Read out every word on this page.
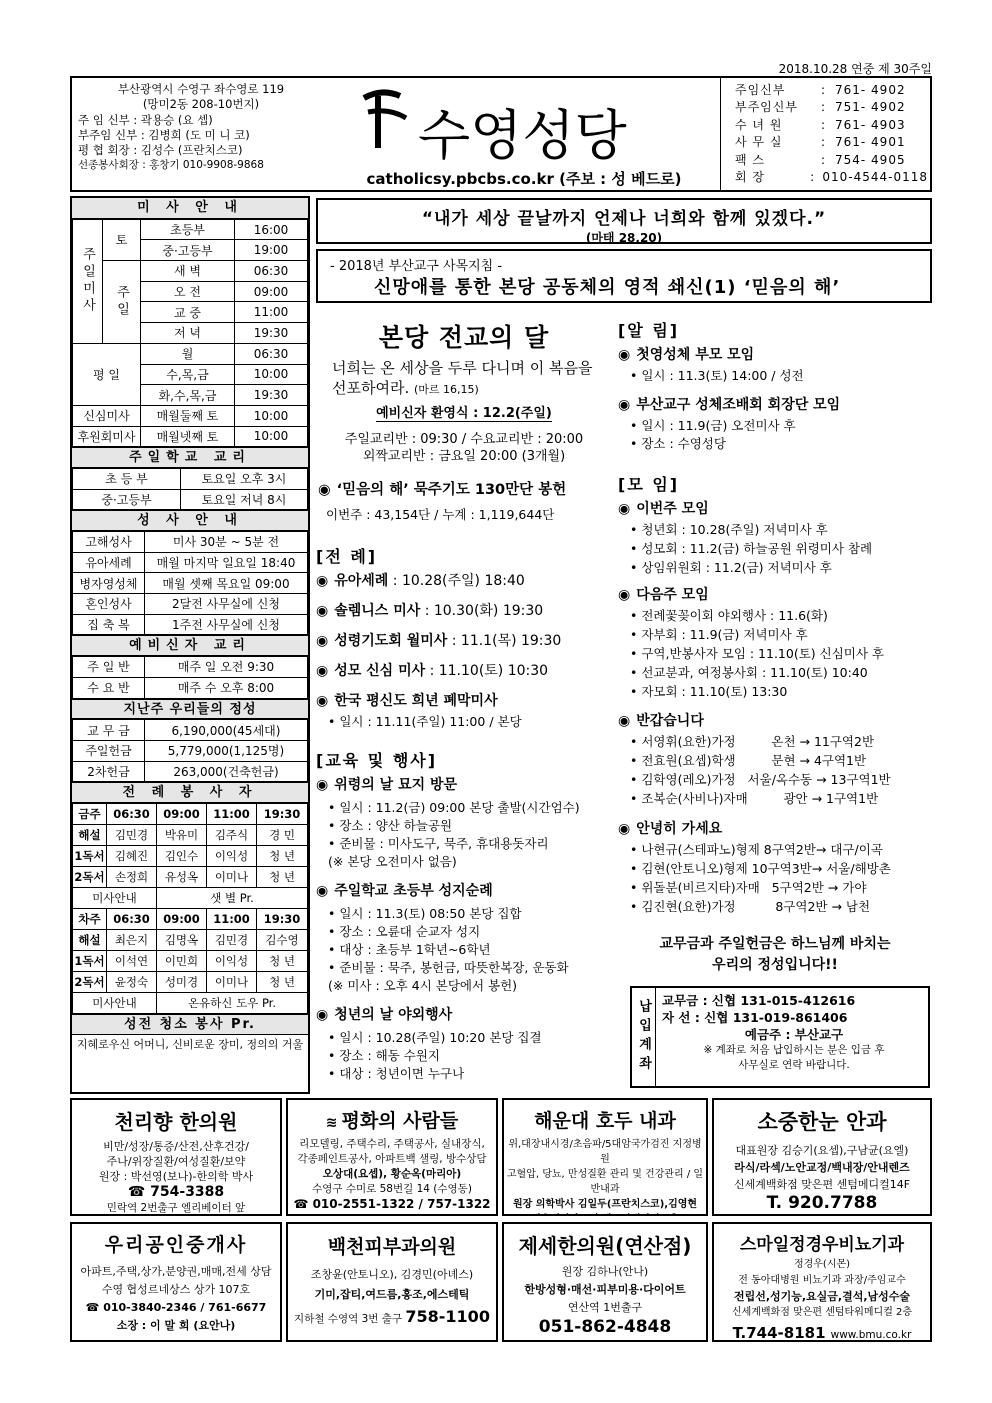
2018.10.28 연중 제 30주일
부산광역시 수영구 좌수영로 119
(망미2동 208-10번지)
주 임 신부 : 곽용승 (요 셉)
부주임 신부 : 김병희 (도 미 니 코)
평 협 회장 : 김성수 (프란치스코)
선종봉사회장 : 홍창기 010-9908-9868	수영성당
catholicsy.pbcbs.co.kr (주보 : 성 베드로)
주임신부	: 761- 4902
부주임신부	: 751- 4902
수 녀 원	: 761- 4903
사 무 실	: 761- 4901
팩 스	: 754- 4905
회 장	: 010-4544-0118
미 사 안 내
주일미사	토	초등부	16:00
		중·고등부	19:00
	주일	새 벽	06:30
		오 전	09:00
		교 중	11:00
		저 녁	19:30
평 일		월	06:30
		수,목,금	10:00
		화,수,목,금	19:30
신심미사		매월둘째 토	10:00
후원회미사		매월넷째 토	10:00
주일학교 교리
초 등 부	토요일 오후 3시
중·고등부	토요일 저녁 8시
성 사 안 내
고해성사	미사 30분 ~ 5분 전
유아세례	매월 마지막 일요일 18:40
병자영성체	매월 셋째 목요일 09:00
혼인성사	2달전 사무실에 신청
집 축 복	1주전 사무실에 신청
예비신자 교리
주 일 반	매주 일 오전 9:30
수 요 반	매주 수 오후 8:00
지난주 우리들의 정성
교 무 금	6,190,000(45세대)
주일헌금	5,779,000(1,125명)
2차헌금	263,000(건축헌금)
전 례 봉 사 자
금주	06:30	09:00	11:00	19:30
해설	김민경	박유미	김주식	경 민
1독서	김혜진	김인수	이익성	청 년
2독서	손정희	유성옥	이미나	청 년
미사안내		샛 별 Pr.		
차주	06:30	09:00	11:00	19:30
해설	최은지	김명옥	김민경	김수영
1독서	이석연	이민희	이익성	청 년
2독서	윤정숙	성미경	이미나	청 년
미사안내		온유하신 도우 Pr.		
성전 청소 봉사 Pr.
지혜로우신 어머니, 신비로운 장미, 정의의 거울
“내가 세상 끝날까지 언제나 너희와 함께 있겠다.”
(마태 28,20)
- 2018년 부산교구 사목지침 -
신망애를 통한 본당 공동체의 영적 쇄신(1) ‘믿음의 해’
본당 전교의 달
너희는 온 세상을 두루 다니며 이 복음을 선포하여라. (마르 16,15)
예비신자 환영식 : 12.2(주일)
주일교리반 : 09:30 / 수요교리반 : 20:00
외짝교리반 : 금요일 20:00 (3개월)
◉ ‘믿음의 해’ 묵주기도 130만단 봉헌
이번주 : 43,154단 / 누계 : 1,119,644단
[전 례]
◉ 유아세례 : 10.28(주일) 18:40
◉ 솔렘니스 미사 : 10.30(화) 19:30
◉ 성령기도회 월미사 : 11.1(목) 19:30
◉ 성모 신심 미사 : 11.10(토) 10:30
◉ 한국 평신도 희년 폐막미사
• 일시 : 11.11(주일) 11:00 / 본당
[교육 및 행사]
◉ 위령의 날 묘지 방문
• 일시 : 11.2(금) 09:00 본당 출발(시간엄수)
• 장소 : 양산 하늘공원
• 준비물 : 미사도구, 묵주, 휴대용돗자리
(※ 본당 오전미사 없음)
◉ 주일학교 초등부 성지순례
• 일시 : 11.3(토) 08:50 본당 집합
• 장소 : 오륜대 순교자 성지
• 대상 : 초등부 1학년~6학년
• 준비물 : 묵주, 봉헌금, 따뜻한복장, 운동화
(※ 미사 : 오후 4시 본당에서 봉헌)
◉ 청년의 날 야외행사
• 일시 : 10.28(주일) 10:20 본당 집결
• 장소 : 해동 수원지
• 대상 : 청년이면 누구나
[알 림]
◉ 첫영성체 부모 모임
• 일시 : 11.3(토) 14:00 / 성전
◉ 부산교구 성체조배회 회장단 모임
• 일시 : 11.9(금) 오전미사 후
• 장소 : 수영성당
[모 임]
◉ 이번주 모임
• 청년회 : 10.28(주일) 저녁미사 후
• 성모회 : 11.2(금) 하늘공원 위령미사 참례
• 상임위원회 : 11.2(금) 저녁미사 후
◉ 다음주 모임
• 전례꽃꽂이회 야외행사 : 11.6(화)
• 자부회 : 11.9(금) 저녁미사 후
• 구역,반봉사자 모임 : 11.10(토) 신심미사 후
• 선교분과, 여정봉사회 : 11.10(토) 10:40
• 자모회 : 11.10(토) 13:30
◉ 반갑습니다
• 서영휘(요한)가정         온천 → 11구역2반
• 전효원(요셉)학생         문현 → 4구역1반
• 김학영(레오)가정   서울/옥수동 → 13구역1반
• 조복순(사비나)자매         광안 → 1구역1반
◉ 안녕히 가세요
• 나현규(스테파노)형제 8구역2반→ 대구/이곡
• 김현(안토니오)형제 10구역3반→ 서울/해방촌
• 위돌분(비르지타)자매   5구역2반 → 가야
• 김진현(요한)가정          8구역2반 → 남천
교무금과 주일헌금은 하느님께 바치는
우리의 정성입니다!!
납입계좌 교무금 : 신협 131-015-412616
자 선 : 신협 131-019-861406
예금주 : 부산교구
※ 계좌로 처음 납입하시는 분은 입금 후
사무실로 연락 바랍니다.
천리향 한의원
비만/성장/통증/산전,산후건강/
주나/위장질환/여성질환/보약
원장 : 박선영(보나)-한의학 박사
☎ 754-3388
민락역 2번출구 엘리베이터 앞
≋ 평화의 사람들
리모델링, 주택수리, 주택공사, 실내장식,
각종페인트공사, 아파트백 샐링, 방수상담
오상대(요셉), 황순옥(마리아)
수영구 수미로 58번길 14 (수영동)
☎ 010-2551-1322 / 757-1322
해운대 호두 내과
위,대장내시경/초음파/5대암국가검진 지정병원
고혈압, 당뇨, 만성질환 관리 및 건강관리 / 일반내과
원장 의학박사 김일두(프란치스코),김영현
소중한눈 안과
대표원장 김승기(요셉),구남균(요엘)
라식/라섹/노안교정/백내장/안내렌즈
신세계백화점 맞은편 센텀메디컬14F
T. 920.7788
우리공인중개사
아파트,주택,상가,분양권,매매,전세 상담
수영 협성르네상스 상가 107호
☎ 010-3840-2346 / 761-6677
소장 : 이 말 희 (요안나)
백천피부과의원
조창윤(안토니오), 김경민(아녜스)
기미,잡티,여드름,홍조,에스테틱
지하철 수영역 3번 출구 758-1100
제세한의원(연산점)
원장 김하나(안나)
한방성형·매선·피부미용·다이어트
연산역 1번출구
051-862-4848
스마일정경우비뇨기과
정경우(시몬)
전 동아대병원 비뇨기과 과장/주임교수
전립선,성기능,요실금,결석,남성수술
신세계백화점 맞은편 센텀타워메디컬 2층
T.744-8181 www.bmu.co.kr
